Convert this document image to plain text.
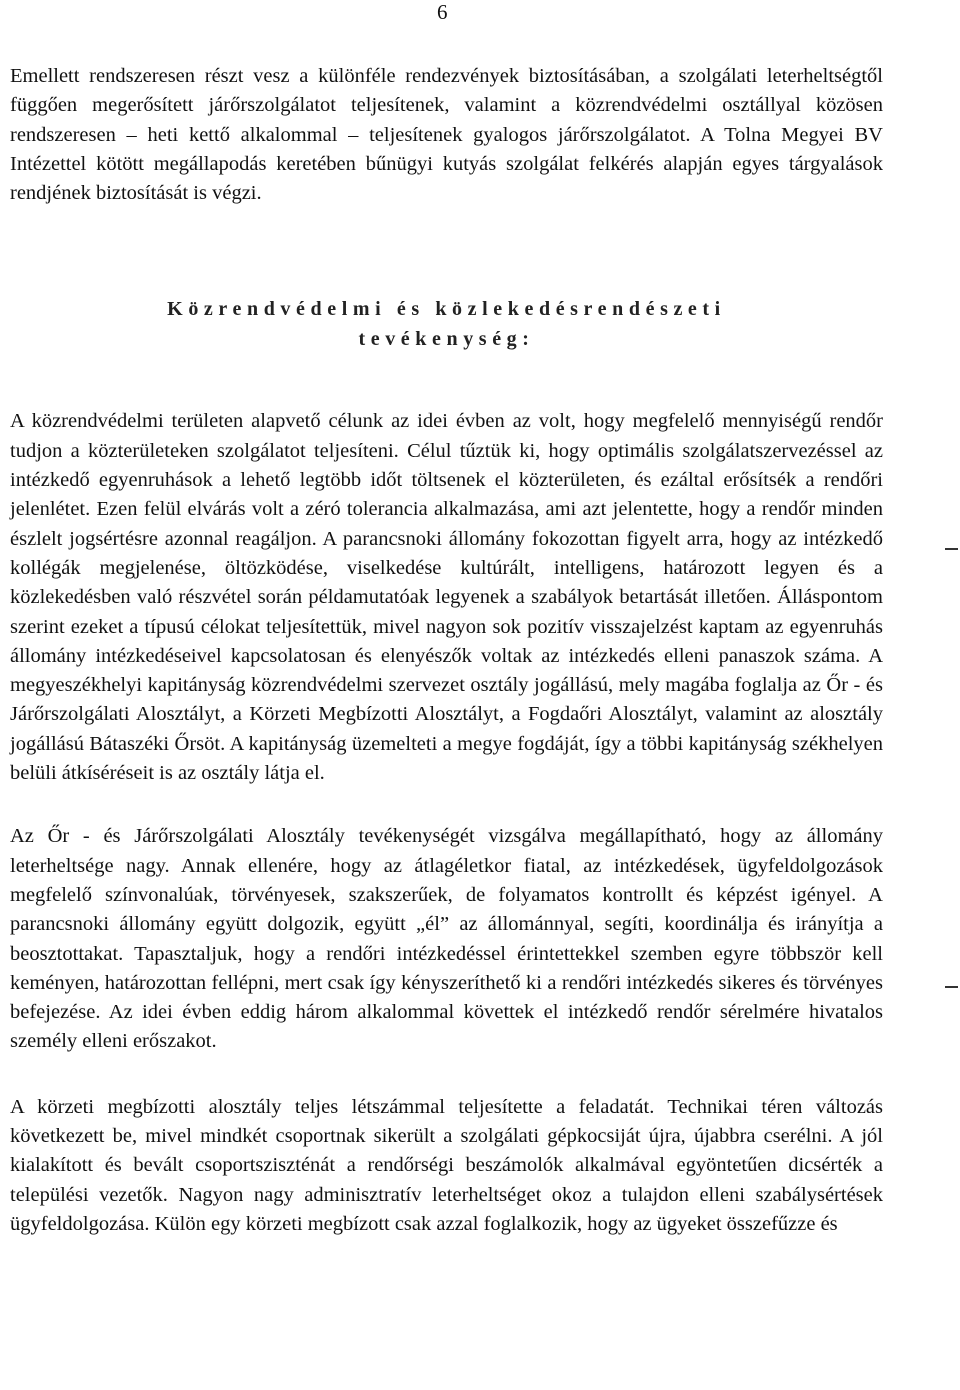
6

Emellett rendszeresen részt vesz a különféle rendezvények biztosításában, a szolgálati leterheltségtől függően megerősített járőrszolgálatot teljesítenek, valamint a közrendvédelmi osztállyal közösen rendszeresen – heti kettő alkalommal – teljesítenek gyalogos járőrszolgálatot. A Tolna Megyei BV Intézettel kötött megállapodás keretében bűnügyi kutyás szolgálat felkérés alapján egyes tárgyalások rendjének biztosítását is végzi.

Közrendvédelmi és közlekedésrendészeti
tevékenység:

A közrendvédelmi területen alapvető célunk az idei évben az volt, hogy megfelelő mennyiségű rendőr tudjon a közterületeken szolgálatot teljesíteni. Célul tűztük ki, hogy optimális szolgálatszervezéssel az intézkedő egyenruhások a lehető legtöbb időt töltsenek el közterületen, és ezáltal erősítsék a rendőri jelenlétet. Ezen felül elvárás volt a zéró tolerancia alkalmazása, ami azt jelentette, hogy a rendőr minden észlelt jogsértésre azonnal reagáljon. A parancsnoki állomány fokozottan figyelt arra, hogy az intézkedő kollégák megjelenése, öltözködése, viselkedése kultúrált, intelligens, határozott legyen és a közlekedésben való részvétel során példamutatóak legyenek a szabályok betartását illetően. Álláspontom szerint ezeket a típusú célokat teljesítettük, mivel nagyon sok pozitív visszajelzést kaptam az egyenruhás állomány intézkedéseivel kapcsolatosan és elenyészők voltak az intézkedés elleni panaszok száma. A megyeszékhelyi kapitányság közrendvédelmi szervezet osztály jogállású, mely magába foglalja az Őr - és Járőrszolgálati Alosztályt, a Körzeti Megbízotti Alosztályt, a Fogdaőri Alosztályt, valamint az alosztály jogállású Bátaszéki Őrsöt. A kapitányság üzemelteti a megye fogdáját, így a többi kapitányság székhelyen belüli átkíséréseit is az osztály látja el.

Az Őr - és Járőrszolgálati Alosztály tevékenységét vizsgálva megállapítható, hogy az állomány leterheltsége nagy. Annak ellenére, hogy az átlagéletkor fiatal, az intézkedések, ügyfeldolgozások megfelelő színvonalúak, törvényesek, szakszerűek, de folyamatos kontrollt és képzést igényel. A parancsnoki állomány együtt dolgozik, együtt „él” az állománnyal, segíti, koordinálja és irányítja a beosztottakat. Tapasztaljuk, hogy a rendőri intézkedéssel érintettekkel szemben egyre többször kell keményen, határozottan fellépni, mert csak így kényszeríthető ki a rendőri intézkedés sikeres és törvényes befejezése. Az idei évben eddig három alkalommal követtek el intézkedő rendőr sérelmére hivatalos személy elleni erőszakot.

A körzeti megbízotti alosztály teljes létszámmal teljesítette a feladatát. Technikai téren változás következett be, mivel mindkét csoportnak sikerült a szolgálati gépkocsiját újra, újabbra cserélni. A jól kialakított és bevált csoportsziszténát a rendőrségi beszámolók alkalmával egyöntetűen dicsérték a települési vezetők. Nagyon nagy adminisztratív leterheltséget okoz a tulajdon elleni szabálysértések ügyfeldolgozása. Külön egy körzeti megbízott csak azzal foglalkozik, hogy az ügyeket összefűzze és
